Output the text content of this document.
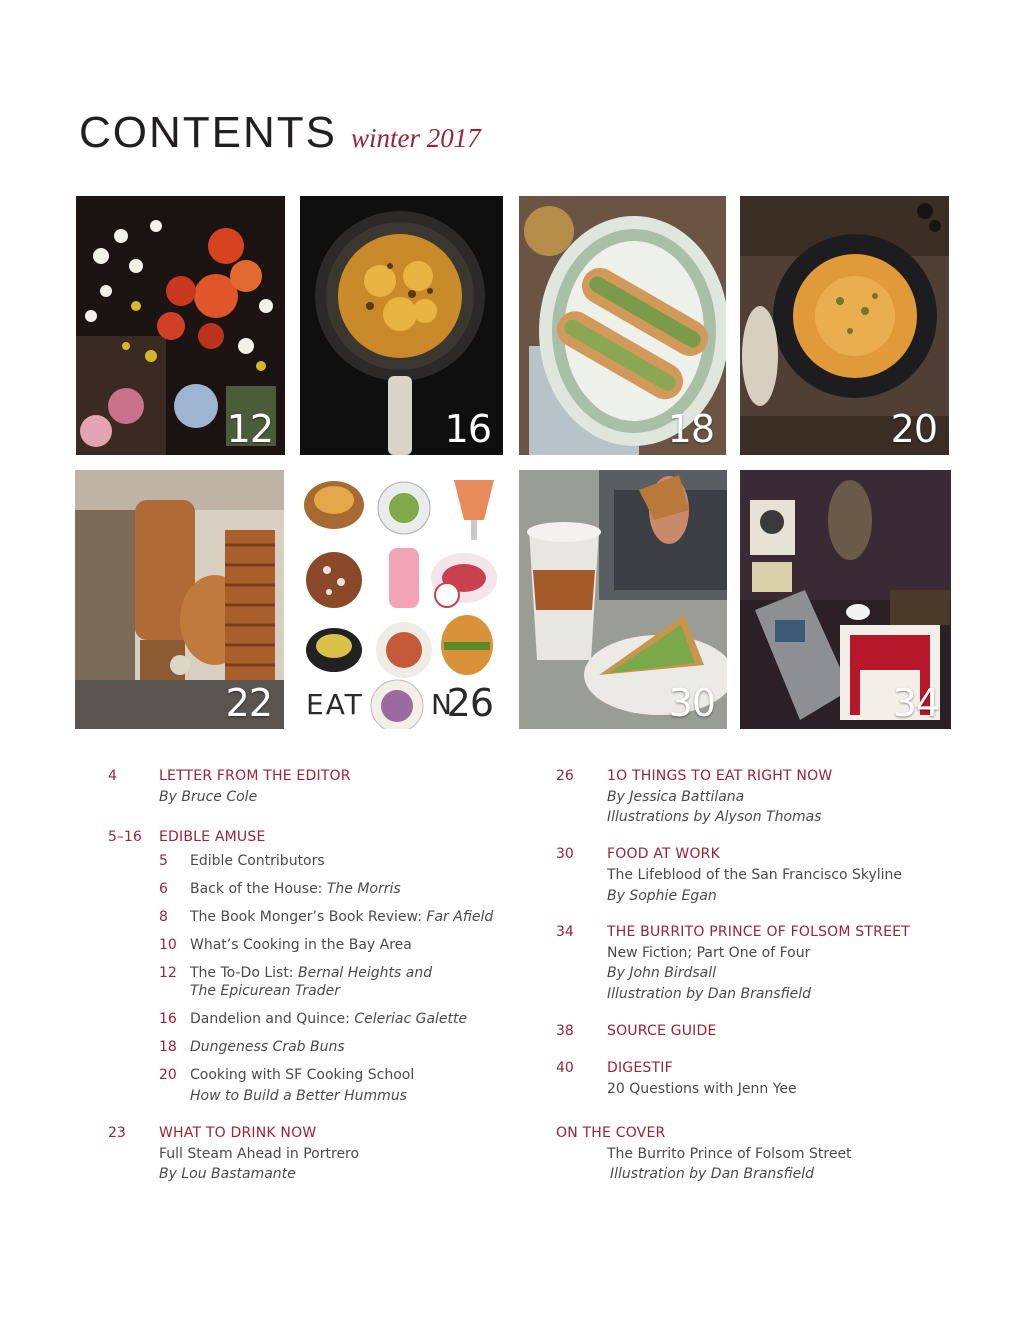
CONTENTS winter 2017
12	16	18	20
22 EAT N
26	30	34
4	LETTER FROM THE EDITOR
By Bruce Cole
5–16 EDIBLE AMUSE
5 Edible Contributors
6 Back of the House: The Morris
8 The Book Monger’s Book Review: Far Afield
10 What’s Cooking in the Bay Area
12 The To-Do List: Bernal Heights and
The Epicurean Trader
16 Dandelion and Quince: Celeriac Galette
18 Dungeness Crab Buns
20 Cooking with SF Cooking School
How to Build a Better Hummus
23 WHAT TO DRINK NOW
Full Steam Ahead in Portrero
By Lou Bastamante
26 1O THINGS TO EAT RIGHT NOW
By Jessica Battilana
Illustrations by Alyson Thomas
30 FOOD AT WORK
The Lifeblood of the San Francisco Skyline
By Sophie Egan
34 THE BURRITO PRINCE OF FOLSOM STREET
New Fiction; Part One of Four
By John Birdsall
Illustration by Dan Bransfield
38 SOURCE GUIDE
40 DIGESTIF
20 Questions with Jenn Yee
ON THE COVER
The Burrito Prince of Folsom Street
Illustration by Dan Bransfield
